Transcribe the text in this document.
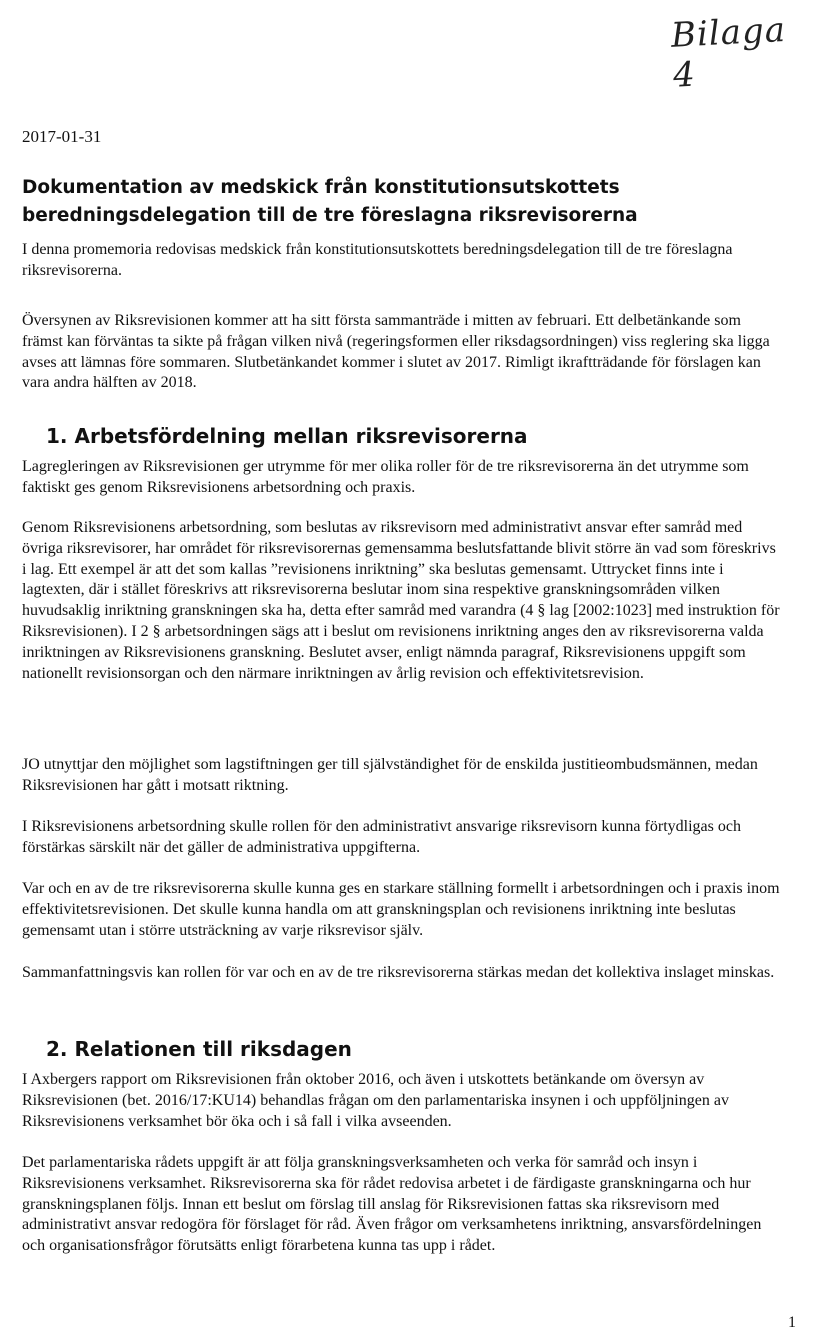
Bilaga 4
2017-01-31
Dokumentation av medskick från konstitutionsutskottets beredningsdelegation till de tre föreslagna riksrevisorerna

I denna promemoria redovisas medskick från konstitutionsutskottets beredningsdelegation till de tre föreslagna riksrevisorerna.

Översynen av Riksrevisionen kommer att ha sitt första sammanträde i mitten av februari. Ett delbetänkande som främst kan förväntas ta sikte på frågan vilken nivå (regeringsformen eller riksdagsordningen) viss reglering ska ligga avses att lämnas före sommaren. Slutbetänkandet kommer i slutet av 2017. Rimligt ikraftträdande för förslagen kan vara andra hälften av 2018.

1. Arbetsfördelning mellan riksrevisorerna

Lagregleringen av Riksrevisionen ger utrymme för mer olika roller för de tre riksrevisorerna än det utrymme som faktiskt ges genom Riksrevisionens arbetsordning och praxis.

Genom Riksrevisionens arbetsordning, som beslutas av riksrevisorn med administrativt ansvar efter samråd med övriga riksrevisorer, har området för riksrevisorernas gemensamma beslutsfattande blivit större än vad som föreskrivs i lag. Ett exempel är att det som kallas ”revisionens inriktning” ska beslutas gemensamt. Uttrycket finns inte i lagtexten, där i stället föreskrivs att riksrevisorerna beslutar inom sina respektive granskningsområden vilken huvudsaklig inriktning granskningen ska ha, detta efter samråd med varandra (4 § lag [2002:1023] med instruktion för Riksrevisionen). I 2 § arbetsordningen sägs att i beslut om revisionens inriktning anges den av riksrevisorerna valda inriktningen av Riksrevisionens granskning. Beslutet avser, enligt nämnda paragraf, Riksrevisionens uppgift som nationellt revisionsorgan och den närmare inriktningen av årlig revision och effektivitetsrevision.

JO utnyttjar den möjlighet som lagstiftningen ger till självständighet för de enskilda justitieombudsmännen, medan Riksrevisionen har gått i motsatt riktning.

I Riksrevisionens arbetsordning skulle rollen för den administrativt ansvarige riksrevisorn kunna förtydligas och förstärkas särskilt när det gäller de administrativa uppgifterna.

Var och en av de tre riksrevisorerna skulle kunna ges en starkare ställning formellt i arbetsordningen och i praxis inom effektivitetsrevisionen. Det skulle kunna handla om att granskningsplan och revisionens inriktning inte beslutas gemensamt utan i större utsträckning av varje riksrevisor själv.

Sammanfattningsvis kan rollen för var och en av de tre riksrevisorerna stärkas medan det kollektiva inslaget minskas.

2. Relationen till riksdagen

I Axbergers rapport om Riksrevisionen från oktober 2016, och även i utskottets betänkande om översyn av Riksrevisionen (bet. 2016/17:KU14) behandlas frågan om den parlamentariska insynen i och uppföljningen av Riksrevisionens verksamhet bör öka och i så fall i vilka avseenden.

Det parlamentariska rådets uppgift är att följa granskningsverksamheten och verka för samråd och insyn i Riksrevisionens verksamhet. Riksrevisorerna ska för rådet redovisa arbetet i de färdigaste granskningarna och hur granskningsplanen följs. Innan ett beslut om förslag till anslag för Riksrevisionen fattas ska riksrevisorn med administrativt ansvar redogöra för förslaget för råd. Även frågor om verksamhetens inriktning, ansvarsfördelningen och organisationsfrågor förutsätts enligt förarbetena kunna tas upp i rådet.

1
